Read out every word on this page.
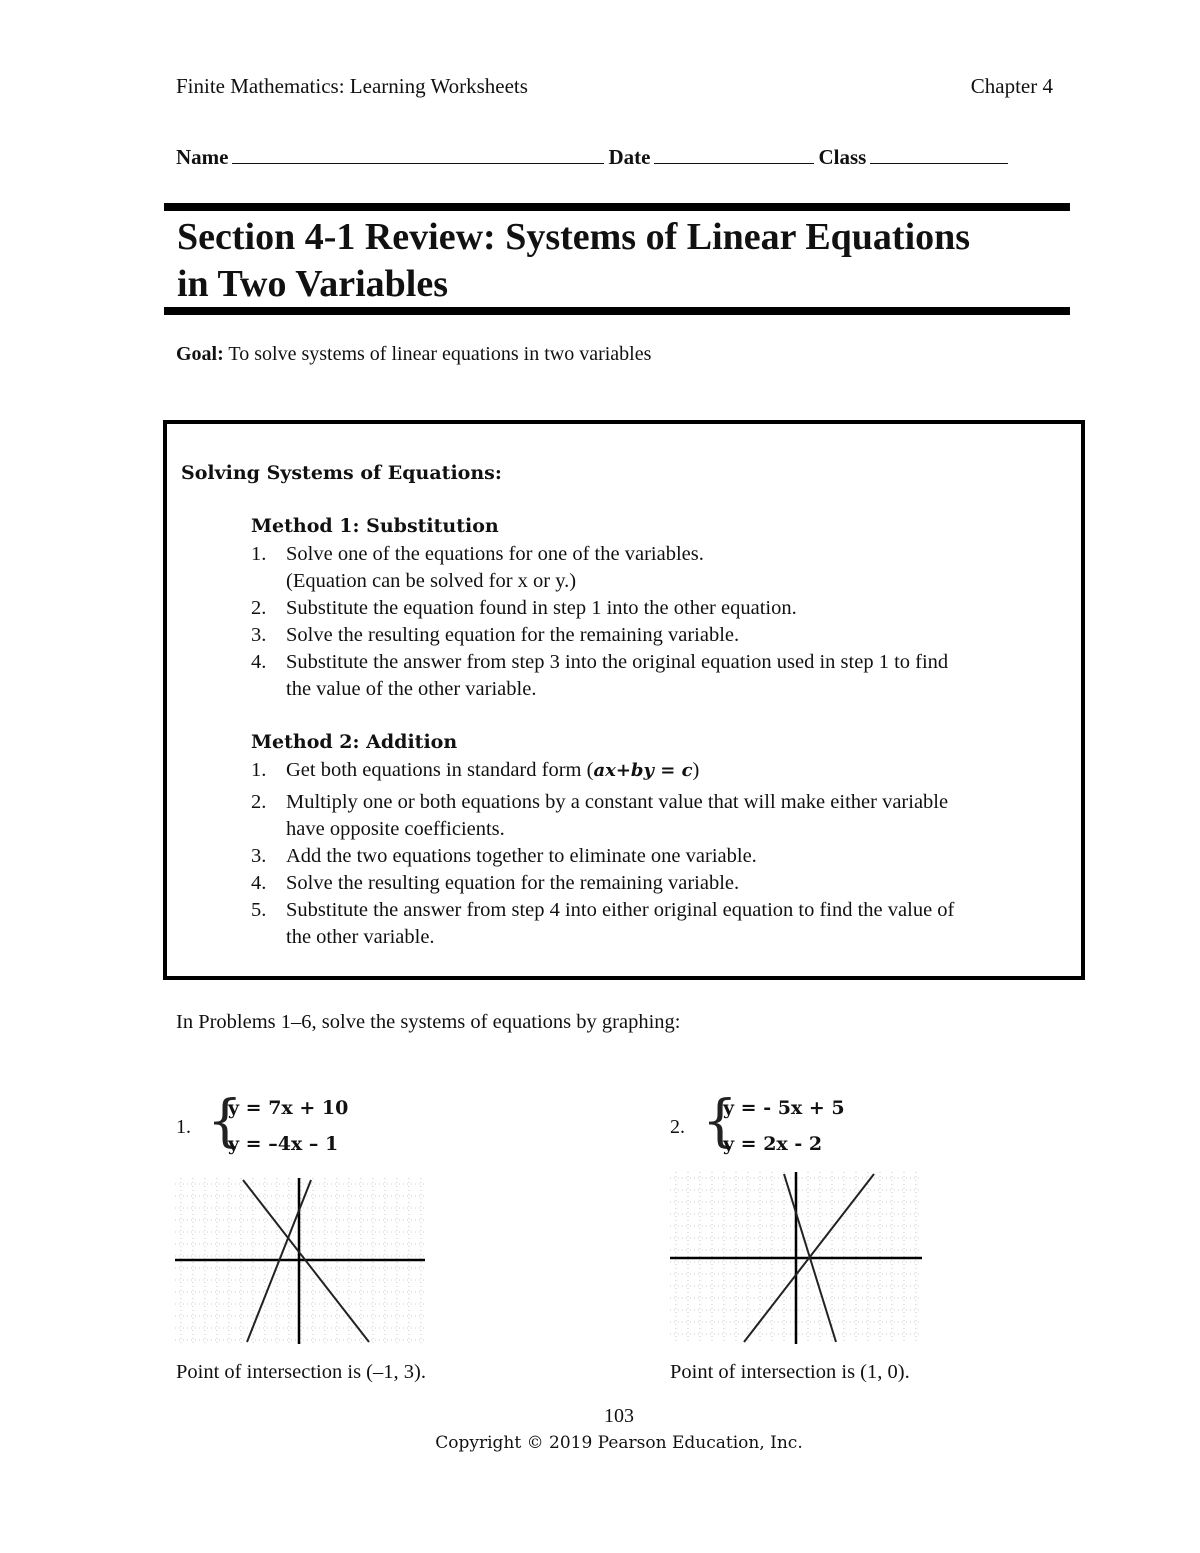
Finite Mathematics: Learning Worksheets	Chapter 4
Name	Date	Class
Section 4-1 Review: Systems of Linear Equations
in Two Variables
Goal: To solve systems of linear equations in two variables
Solving Systems of Equations:
Method 1: Substitution
1. Solve one of the equations for one of the variables.
(Equation can be solved for x or y.)
2. Substitute the equation found in step 1 into the other equation.
3. Solve the resulting equation for the remaining variable.
4. Substitute the answer from step 3 into the original equation used in step 1 to find
the value of the other variable.
Method 2: Addition
1. Get both equations in standard form (ax+by = c)
2. Multiply one or both equations by a constant value that will make either variable
have opposite coefficients.
3. Add the two equations together to eliminate one variable.
4. Solve the resulting equation for the remaining variable.
5. Substitute the answer from step 4 into either original equation to find the value of
the other variable.
In Problems 1–6, solve the systems of equations by graphing:
1. {
y = 7x + 10
y = –4x – 1
Point of intersection is (–1, 3).
2. {
y = - 5x + 5
y = 2x - 2
Point of intersection is (1, 0).
103
Copyright © 2019 Pearson Education, Inc.
